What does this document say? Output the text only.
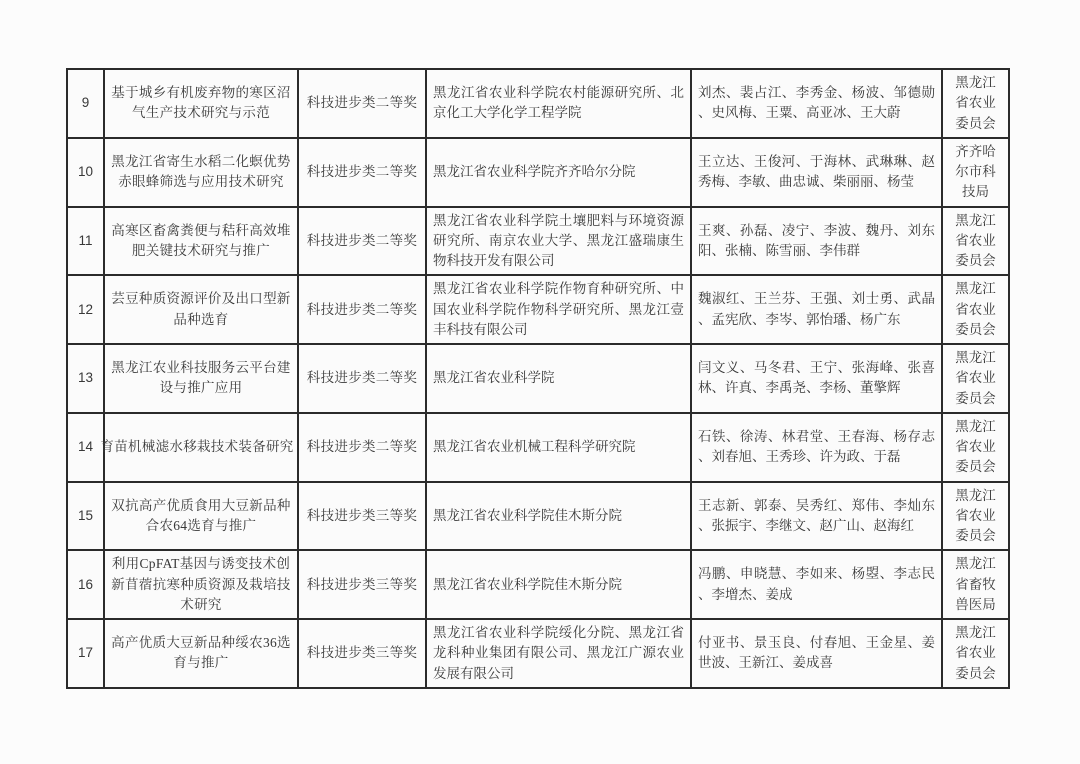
9	基于城乡有机废弃物的寒区沼气生产技术研究与示范	科技进步类二等奖	黑龙江省农业科学院农村能源研究所、北京化工大学化学工程学院	刘杰、裴占江、李秀金、杨波、邹德勋、史风梅、王粟、高亚冰、王大蔚	黑龙江省农业委员会
10	黑龙江省寄生水稻二化螟优势赤眼蜂筛选与应用技术研究	科技进步类二等奖	黑龙江省农业科学院齐齐哈尔分院	王立达、王俊河、于海林、武琳琳、赵秀梅、李敏、曲忠诚、柴丽丽、杨莹	齐齐哈尔市科技局
11	高寒区畜禽粪便与秸秆高效堆肥关键技术研究与推广	科技进步类二等奖	黑龙江省农业科学院土壤肥料与环境资源研究所、南京农业大学、黑龙江盛瑞康生物科技开发有限公司	王爽、孙磊、凌宁、李波、魏丹、刘东阳、张楠、陈雪丽、李伟群	黑龙江省农业委员会
12	芸豆种质资源评价及出口型新品种选育	科技进步类二等奖	黑龙江省农业科学院作物育种研究所、中国农业科学院作物科学研究所、黑龙江壹丰科技有限公司	魏淑红、王兰芬、王强、刘士勇、武晶、孟宪欣、李岑、郭怡璠、杨广东	黑龙江省农业委员会
13	黑龙江农业科技服务云平台建设与推广应用	科技进步类二等奖	黑龙江省农业科学院	闫文义、马冬君、王宁、张海峰、张喜林、许真、李禹尧、李杨、董擎辉	黑龙江省农业委员会
14	育苗机械滤水移栽技术装备研究	科技进步类二等奖	黑龙江省农业机械工程科学研究院	石铁、徐涛、林君堂、王春海、杨存志、刘春旭、王秀珍、许为政、于磊	黑龙江省农业委员会
15	双抗高产优质食用大豆新品种合农64选育与推广	科技进步类三等奖	黑龙江省农业科学院佳木斯分院	王志新、郭泰、吴秀红、郑伟、李灿东、张振宇、李继文、赵广山、赵海红	黑龙江省农业委员会
16	利用CpFAT基因与诱变技术创新苜蓿抗寒种质资源及栽培技术研究	科技进步类三等奖	黑龙江省农业科学院佳木斯分院	冯鹏、申晓慧、李如来、杨曌、李志民、李增杰、姜成	黑龙江省畜牧兽医局
17	高产优质大豆新品种绥农36选育与推广	科技进步类三等奖	黑龙江省农业科学院绥化分院、黑龙江省龙科种业集团有限公司、黑龙江广源农业发展有限公司	付亚书、景玉良、付春旭、王金星、姜世波、王新江、姜成喜	黑龙江省农业委员会
